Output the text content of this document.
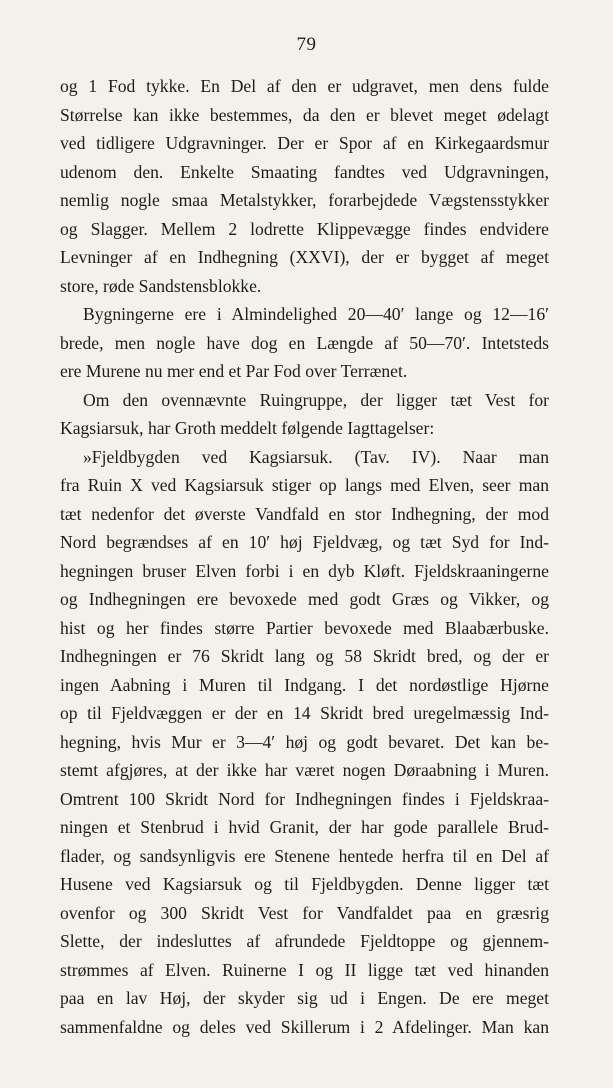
79
og 1 Fod tykke. En Del af den er udgravet, men dens fulde
Størrelse kan ikke bestemmes, da den er blevet meget ødelagt
ved tidligere Udgravninger. Der er Spor af en Kirkegaardsmur
udenom den. Enkelte Smaating fandtes ved Udgravningen,
nemlig nogle smaa Metalstykker, forarbejdede Vægstensstykker
og Slagger. Mellem 2 lodrette Klippevægge findes endvidere
Levninger af en Indhegning (XXVI), der er bygget af meget
store, røde Sandstensblokke.
Bygningerne ere i Almindelighed 20—40′ lange og 12—16′
brede, men nogle have dog en Længde af 50—70′. Intetsteds
ere Murene nu mer end et Par Fod over Terrænet.
Om den ovennævnte Ruingruppe, der ligger tæt Vest for
Kagsiarsuk, har Groth meddelt følgende Iagttagelser:
»Fjeldbygden ved Kagsiarsuk. (Tav. IV). Naar man
fra Ruin X ved Kagsiarsuk stiger op langs med Elven, seer man
tæt nedenfor det øverste Vandfald en stor Indhegning, der mod
Nord begrændses af en 10′ høj Fjeldvæg, og tæt Syd for Ind-
hegningen bruser Elven forbi i en dyb Kløft. Fjeldskraaningerne
og Indhegningen ere bevoxede med godt Græs og Vikker, og
hist og her findes større Partier bevoxede med Blaabærbuske.
Indhegningen er 76 Skridt lang og 58 Skridt bred, og der er
ingen Aabning i Muren til Indgang. I det nordøstlige Hjørne
op til Fjeldvæggen er der en 14 Skridt bred uregelmæssig Ind-
hegning, hvis Mur er 3—4′ høj og godt bevaret. Det kan be-
stemt afgjøres, at der ikke har været nogen Døraabning i Muren.
Omtrent 100 Skridt Nord for Indhegningen findes i Fjeldskraa-
ningen et Stenbrud i hvid Granit, der har gode parallele Brud-
flader, og sandsynligvis ere Stenene hentede herfra til en Del af
Husene ved Kagsiarsuk og til Fjeldbygden. Denne ligger tæt
ovenfor og 300 Skridt Vest for Vandfaldet paa en græsrig
Slette, der indesluttes af afrundede Fjeldtoppe og gjennem-
strømmes af Elven. Ruinerne I og II ligge tæt ved hinanden
paa en lav Høj, der skyder sig ud i Engen. De ere meget
sammenfaldne og deles ved Skillerum i 2 Afdelinger. Man kan
